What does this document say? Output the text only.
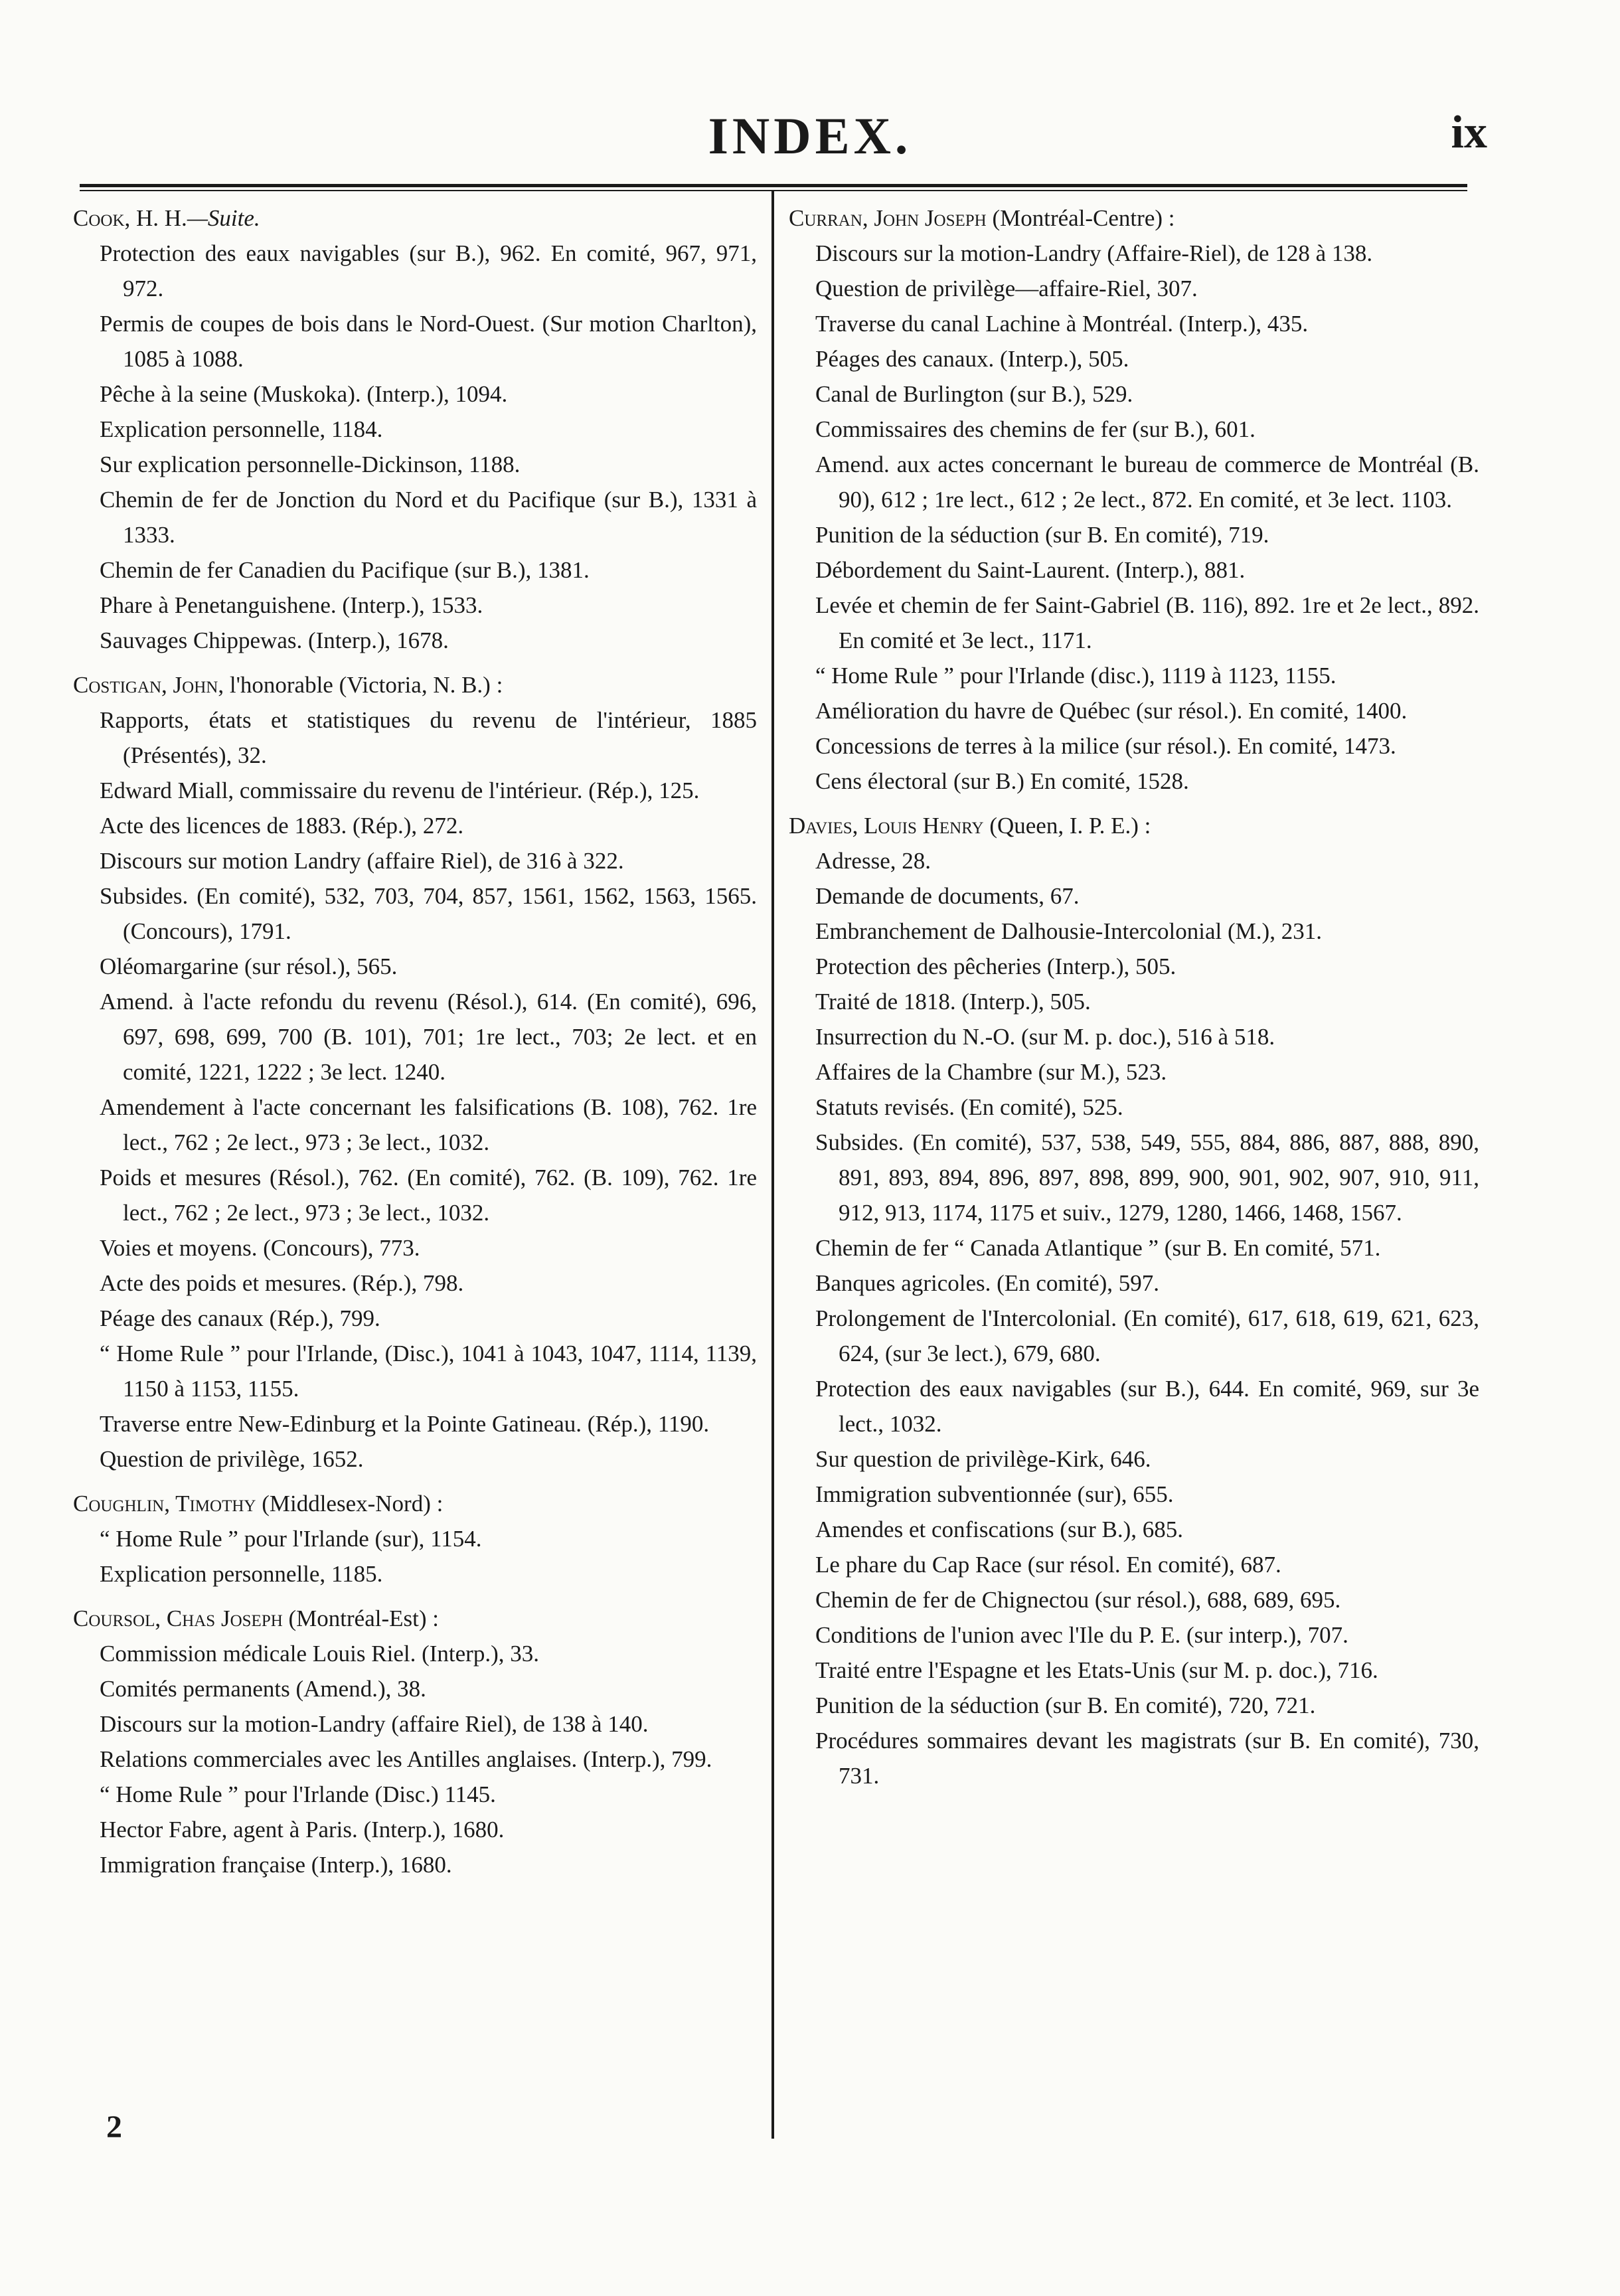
INDEX.	ix
Cook, H. H.—Suite.
Protection des eaux navigables (sur B.), 962. En comité, 967, 971, 972.
Permis de coupes de bois dans le Nord-Ouest. (Sur motion Charlton), 1085 à 1088.
Pêche à la seine (Muskoka). (Interp.), 1094.
Explication personnelle, 1184.
Sur explication personnelle-Dickinson, 1188.
Chemin de fer de Jonction du Nord et du Pacifique (sur B.), 1331 à 1333.
Chemin de fer Canadien du Pacifique (sur B.), 1381.
Phare à Penetanguishene. (Interp.), 1533.
Sauvages Chippewas. (Interp.), 1678.
Costigan, John, l'honorable (Victoria, N. B.) :
Rapports, états et statistiques du revenu de l'intérieur, 1885 (Présentés), 32.
Edward Miall, commissaire du revenu de l'intérieur. (Rép.), 125.
Acte des licences de 1883. (Rép.), 272.
Discours sur motion Landry (affaire Riel), de 316 à 322.
Subsides. (En comité), 532, 703, 704, 857, 1561, 1562, 1563, 1565. (Concours), 1791.
Oléomargarine (sur résol.), 565.
Amend. à l'acte refondu du revenu (Résol.), 614. (En comité), 696, 697, 698, 699, 700 (B. 101), 701; 1re lect., 703; 2e lect. et en comité, 1221, 1222 ; 3e lect. 1240.
Amendement à l'acte concernant les falsifications (B. 108), 762. 1re lect., 762 ; 2e lect., 973 ; 3e lect., 1032.
Poids et mesures (Résol.), 762. (En comité), 762. (B. 109), 762. 1re lect., 762 ; 2e lect., 973 ; 3e lect., 1032.
Voies et moyens. (Concours), 773.
Acte des poids et mesures. (Rép.), 798.
Péage des canaux (Rép.), 799.
“ Home Rule ” pour l'Irlande, (Disc.), 1041 à 1043, 1047, 1114, 1139, 1150 à 1153, 1155.
Traverse entre New-Edinburg et la Pointe Gatineau. (Rép.), 1190.
Question de privilège, 1652.
Coughlin, Timothy (Middlesex-Nord) :
“ Home Rule ” pour l'Irlande (sur), 1154.
Explication personnelle, 1185.
Coursol, Chas Joseph (Montréal-Est) :
Commission médicale Louis Riel. (Interp.), 33.
Comités permanents (Amend.), 38.
Discours sur la motion-Landry (affaire Riel), de 138 à 140.
Relations commerciales avec les Antilles anglaises. (Interp.), 799.
“ Home Rule ” pour l'Irlande (Disc.) 1145.
Hector Fabre, agent à Paris. (Interp.), 1680.
Immigration française (Interp.), 1680.
Curran, John Joseph (Montréal-Centre) :
Discours sur la motion-Landry (Affaire-Riel), de 128 à 138.
Question de privilège—affaire-Riel, 307.
Traverse du canal Lachine à Montréal. (Interp.), 435.
Péages des canaux. (Interp.), 505.
Canal de Burlington (sur B.), 529.
Commissaires des chemins de fer (sur B.), 601.
Amend. aux actes concernant le bureau de commerce de Montréal (B. 90), 612 ; 1re lect., 612 ; 2e lect., 872. En comité, et 3e lect. 1103.
Punition de la séduction (sur B. En comité), 719.
Débordement du Saint-Laurent. (Interp.), 881.
Levée et chemin de fer Saint-Gabriel (B. 116), 892. 1re et 2e lect., 892. En comité et 3e lect., 1171.
“ Home Rule ” pour l'Irlande (disc.), 1119 à 1123, 1155.
Amélioration du havre de Québec (sur résol.). En comité, 1400.
Concessions de terres à la milice (sur résol.). En comité, 1473.
Cens électoral (sur B.) En comité, 1528.
Davies, Louis Henry (Queen, I. P. E.) :
Adresse, 28.
Demande de documents, 67.
Embranchement de Dalhousie-Intercolonial (M.), 231.
Protection des pêcheries (Interp.), 505.
Traité de 1818. (Interp.), 505.
Insurrection du N.-O. (sur M. p. doc.), 516 à 518.
Affaires de la Chambre (sur M.), 523.
Statuts revisés. (En comité), 525.
Subsides. (En comité), 537, 538, 549, 555, 884, 886, 887, 888, 890, 891, 893, 894, 896, 897, 898, 899, 900, 901, 902, 907, 910, 911, 912, 913, 1174, 1175 et suiv., 1279, 1280, 1466, 1468, 1567.
Chemin de fer “ Canada Atlantique ” (sur B. En comité, 571.
Banques agricoles. (En comité), 597.
Prolongement de l'Intercolonial. (En comité), 617, 618, 619, 621, 623, 624, (sur 3e lect.), 679, 680.
Protection des eaux navigables (sur B.), 644. En comité, 969, sur 3e lect., 1032.
Sur question de privilège-Kirk, 646.
Immigration subventionnée (sur), 655.
Amendes et confiscations (sur B.), 685.
Le phare du Cap Race (sur résol. En comité), 687.
Chemin de fer de Chignectou (sur résol.), 688, 689, 695.
Conditions de l'union avec l'Ile du P. E. (sur interp.), 707.
Traité entre l'Espagne et les Etats-Unis (sur M. p. doc.), 716.
Punition de la séduction (sur B. En comité), 720, 721.
Procédures sommaires devant les magistrats (sur B. En comité), 730, 731.
2
